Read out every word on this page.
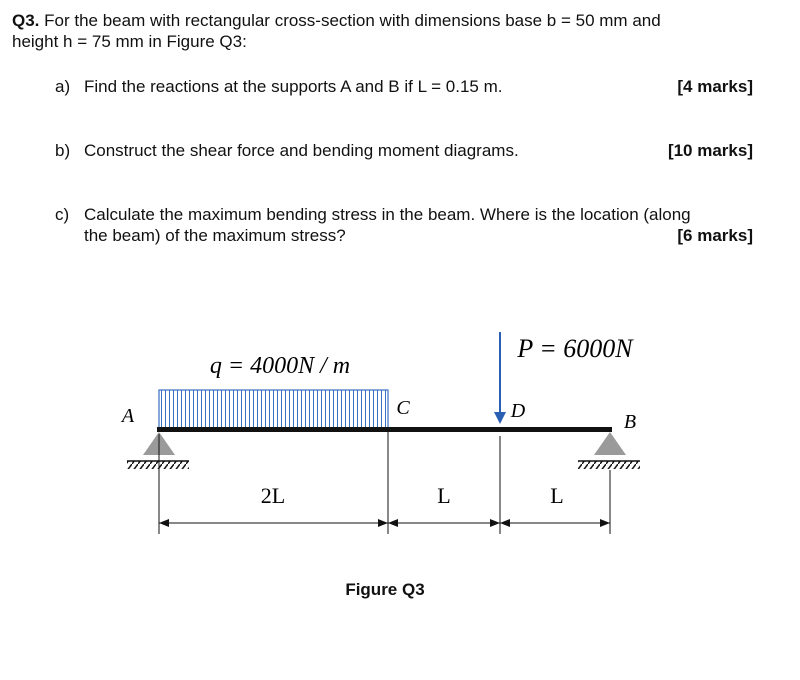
Q3. For the beam with rectangular cross-section with dimensions base b = 50 mm and
height h = 75 mm in Figure Q3:
a) Find the reactions at the supports A and B if L = 0.15 m.	[4 marks]
b) Construct the shear force and bending moment diagrams.	[10 marks]
c) Calculate the maximum bending stress in the beam. Where is the location (along
the beam) of the maximum stress?	[6 marks]
q = 4000N / m
P = 6000N
A	B
C	D
2L	L	L
Figure Q3
